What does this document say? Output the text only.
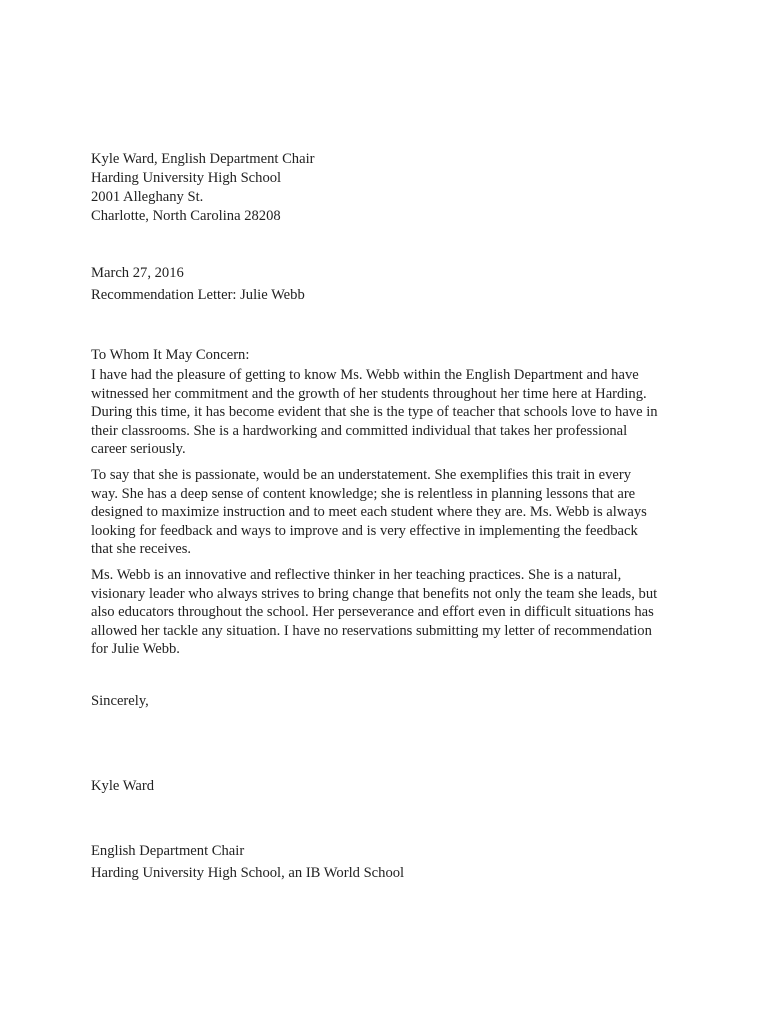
Kyle Ward, English Department Chair
Harding University High School
2001 Alleghany St.
Charlotte, North Carolina 28208
March 27, 2016
Recommendation Letter: Julie Webb
To Whom It May Concern:
I have had the pleasure of getting to know Ms. Webb within the English Department and have
witnessed her commitment and the growth of her students throughout her time here at Harding.
During this time, it has become evident that she is the type of teacher that schools love to have in
their classrooms. She is a hardworking and committed individual that takes her professional
career seriously.
To say that she is passionate, would be an understatement. She exemplifies this trait in every
way. She has a deep sense of content knowledge; she is relentless in planning lessons that are
designed to maximize instruction and to meet each student where they are. Ms. Webb is always
looking for feedback and ways to improve and is very effective in implementing the feedback
that she receives.
Ms. Webb is an innovative and reflective thinker in her teaching practices. She is a natural,
visionary leader who always strives to bring change that benefits not only the team she leads, but
also educators throughout the school. Her perseverance and effort even in difficult situations has
allowed her tackle any situation. I have no reservations submitting my letter of recommendation
for Julie Webb.
Sincerely,
Kyle Ward
English Department Chair
Harding University High School, an IB World School
